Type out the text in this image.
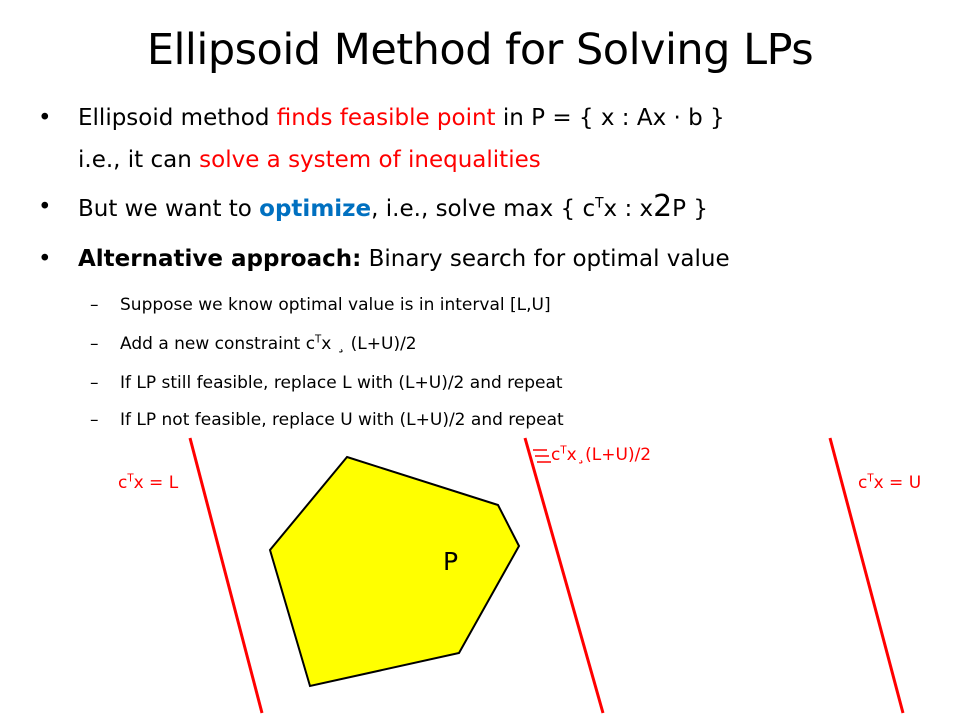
Ellipsoid Method for Solving LPs
• Ellipsoid method finds feasible point in P = { x : Ax · b }
i.e., it can solve a system of inequalities
• But we want to optimize, i.e., solve max { $c^Tx$ : x2P }
• Alternative approach: Binary search for optimal value
– Suppose we know optimal value is in interval [L,U]
– Add a new constraint $c^Tx$ ¸ (L+U)/2
– If LP still feasible, replace L with (L+U)/2 and repeat
– If LP not feasible, replace U with (L+U)/2 and repeat
$c^Tx = L$
$c^Tx¸(L+U)/2$
$c^Tx = U$
P
